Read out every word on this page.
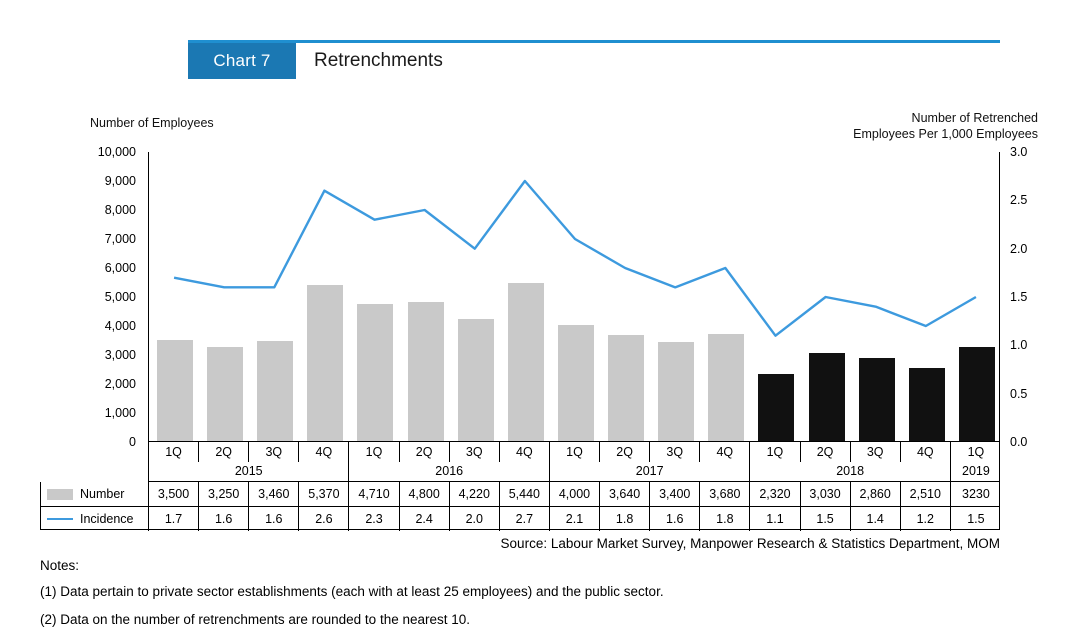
Chart 7	Retrenchments
Number of Employees	Number of Retrenched Employees Per 1,000 Employees
0
1,000
2,000
3,000
4,000
5,000
6,000
7,000
8,000
9,000
10,000
0.0
0.5
1.0
1.5
2.0
2.5
3.0
1Q	2Q	3Q	4Q	1Q	2Q	3Q	4Q	1Q	2Q	3Q	4Q	1Q	2Q	3Q	4Q	1Q
2015	2016	2017	2018	2019
Number	3,500	3,250	3,460	5,370	4,710	4,800	4,220	5,440	4,000	3,640	3,400	3,680	2,320	3,030	2,860	2,510	3230
Incidence	1.7	1.6	1.6	2.6	2.3	2.4	2.0	2.7	2.1	1.8	1.6	1.8	1.1	1.5	1.4	1.2	1.5
Source: Labour Market Survey, Manpower Research & Statistics Department, MOM
Notes:
(1) Data pertain to private sector establishments (each with at least 25 employees) and the public sector.
(2) Data on the number of retrenchments are rounded to the nearest 10.
